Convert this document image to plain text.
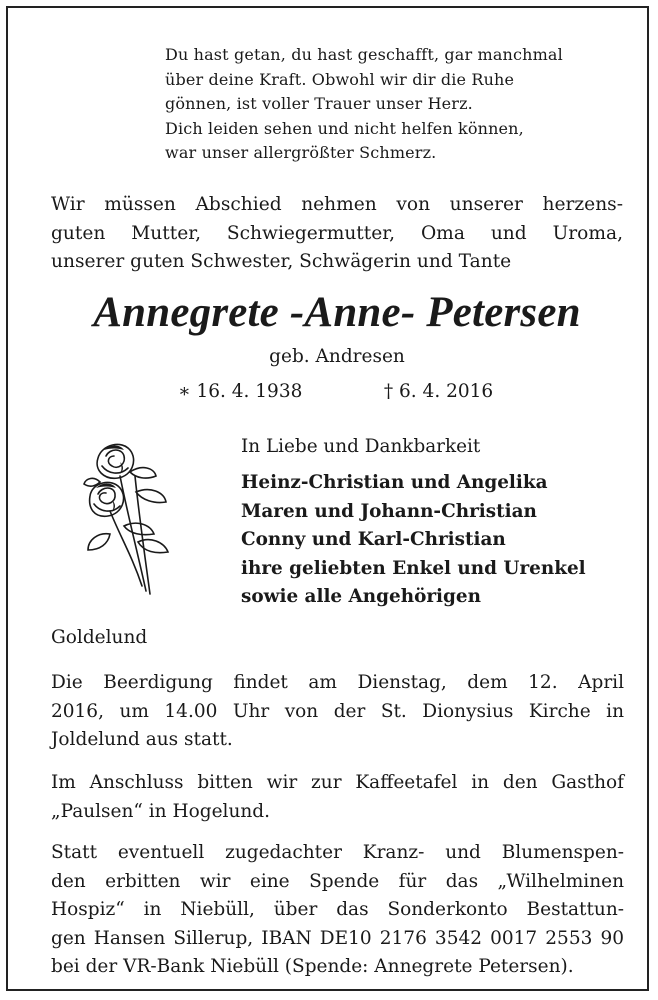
Du hast getan, du hast geschafft, gar manchmal
über deine Kraft. Obwohl wir dir die Ruhe
gönnen, ist voller Trauer unser Herz.
Dich leiden sehen und nicht helfen können,
war unser allergrößter Schmerz.
Wir müssen Abschied nehmen von unserer herzens-
guten Mutter, Schwiegermutter, Oma und Uroma,
unserer guten Schwester, Schwägerin und Tante
Annegrete -Anne- Petersen
geb. Andresen
∗ 16. 4. 1938	† 6. 4. 2016
In Liebe und Dankbarkeit
Heinz-Christian und Angelika
Maren und Johann-Christian
Conny und Karl-Christian
ihre geliebten Enkel und Urenkel
sowie alle Angehörigen
Goldelund
Die Beerdigung findet am Dienstag, dem 12. April
2016, um 14.00 Uhr von der St. Dionysius Kirche in
Joldelund aus statt.
Im Anschluss bitten wir zur Kaffeetafel in den Gasthof
„Paulsen“ in Hogelund.
Statt eventuell zugedachter Kranz- und Blumenspen-
den erbitten wir eine Spende für das „Wilhelminen
Hospiz“ in Niebüll, über das Sonderkonto Bestattun-
gen Hansen Sillerup, IBAN DE10 2176 3542 0017 2553 90
bei der VR-Bank Niebüll (Spende: Annegrete Petersen).
